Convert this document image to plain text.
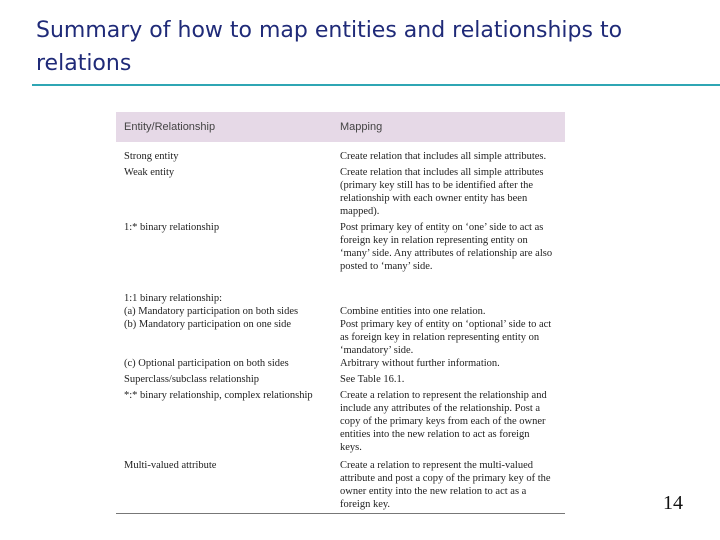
Summary of how to map entities and relationships to relations
Entity/Relationship	Mapping
Strong entity	Create relation that includes all simple attributes.
Weak entity	Create relation that includes all simple attributes (primary key still has to be identified after the relationship with each owner entity has been mapped).
1:* binary relationship	Post primary key of entity on ‘one’ side to act as foreign key in relation representing entity on ‘many’ side. Any attributes of relationship are also posted to ‘many’ side.
1:1 binary relationship:
(a) Mandatory participation on both sides	Combine entities into one relation.
(b) Mandatory participation on one side	Post primary key of entity on ‘optional’ side to act as foreign key in relation representing entity on ‘mandatory’ side.
(c) Optional participation on both sides	Arbitrary without further information.
Superclass/subclass relationship	See Table 16.1.
*:* binary relationship, complex relationship	Create a relation to represent the relationship and include any attributes of the relationship. Post a copy of the primary keys from each of the owner entities into the new relation to act as foreign keys.
Multi-valued attribute	Create a relation to represent the multi-valued attribute and post a copy of the primary key of the owner entity into the new relation to act as a foreign key.	14
